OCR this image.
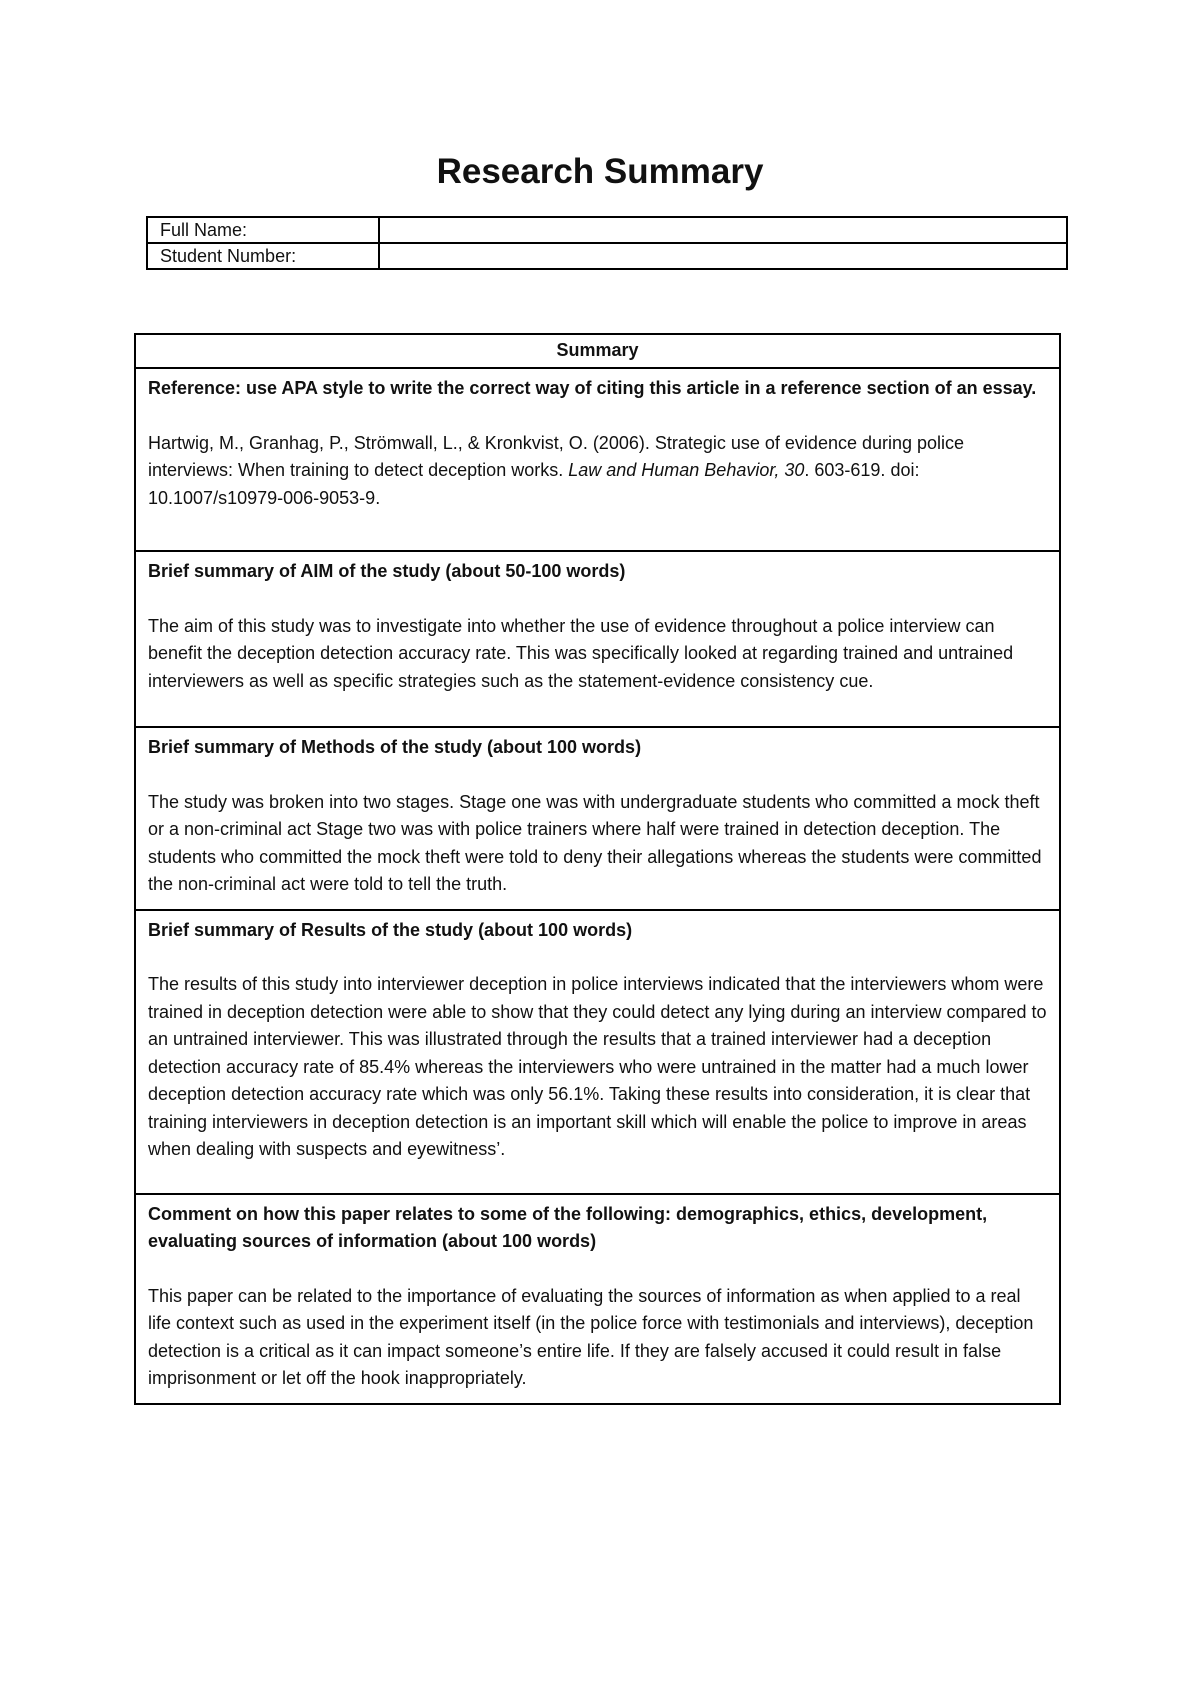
Research Summary
Full Name:	
Student Number:	
Summary

Reference: use APA style to write the correct way of citing this article in a reference section of an essay.

Hartwig, M., Granhag, P., Strömwall, L., & Kronkvist, O. (2006). Strategic use of evidence during police interviews: When training to detect deception works. Law and Human Behavior, 30. 603-619. doi: 10.1007/s10979-006-9053-9.

Brief summary of AIM of the study (about 50-100 words)

The aim of this study was to investigate into whether the use of evidence throughout a police interview can benefit the deception detection accuracy rate. This was specifically looked at regarding trained and untrained interviewers as well as specific strategies such as the statement-evidence consistency cue.

Brief summary of Methods of the study (about 100 words)

The study was broken into two stages. Stage one was with undergraduate students who committed a mock theft or a non-criminal act Stage two was with police trainers where half were trained in detection deception. The students who committed the mock theft were told to deny their allegations whereas the students were committed the non-criminal act were told to tell the truth.

Brief summary of Results of the study (about 100 words)

The results of this study into interviewer deception in police interviews indicated that the interviewers whom were trained in deception detection were able to show that they could detect any lying during an interview compared to an untrained interviewer. This was illustrated through the results that a trained interviewer had a deception detection accuracy rate of 85.4% whereas the interviewers who were untrained in the matter had a much lower deception detection accuracy rate which was only 56.1%. Taking these results into consideration, it is clear that training interviewers in deception detection is an important skill which will enable the police to improve in areas when dealing with suspects and eyewitness’.

Comment on how this paper relates to some of the following: demographics, ethics, development, evaluating sources of information (about 100 words)

This paper can be related to the importance of evaluating the sources of information as when applied to a real life context such as used in the experiment itself (in the police force with testimonials and interviews), deception detection is a critical as it can impact someone’s entire life. If they are falsely accused it could result in false imprisonment or let off the hook inappropriately.
